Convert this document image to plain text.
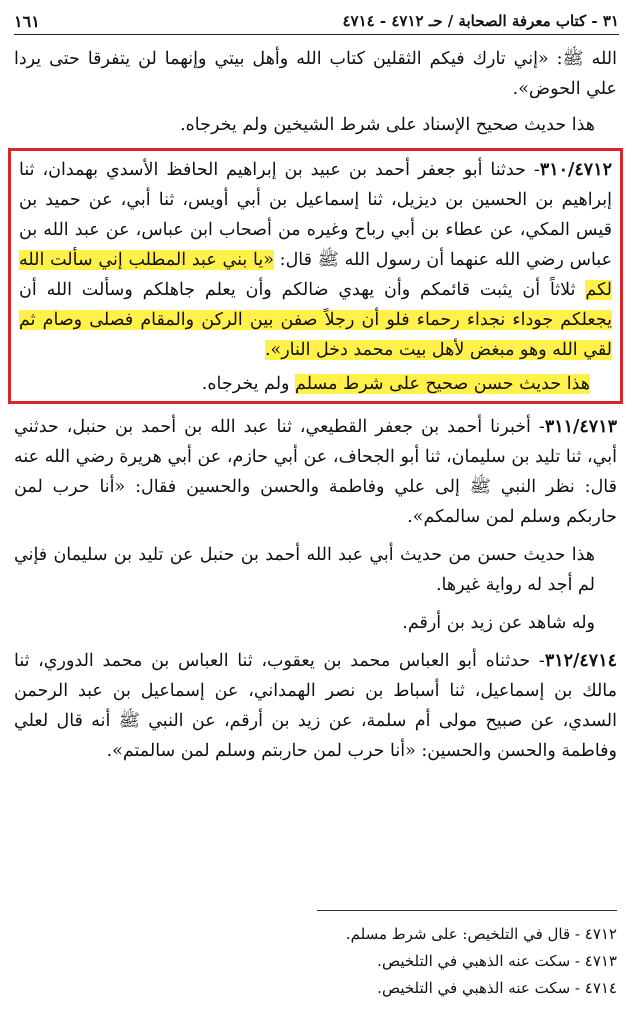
٣١ - كتاب معرفة الصحابة / حـ ٤٧١٢ - ٤٧١٤
١٦١

الله ﷺ: «إني تارك فيكم الثقلين كتاب الله وأهل بيتي وإنهما لن يتفرقا حتى يردا علي الحوض».

هذا حديث صحيح الإسناد على شرط الشيخين ولم يخرجاه.

٣١٠/٤٧١٢- حدثنا أبو جعفر أحمد بن عبيد بن إبراهيم الحافظ الأسدي بهمدان، ثنا إبراهيم بن الحسين بن ديزيل، ثنا إسماعيل بن أبي أويس، ثنا أبي، عن حميد بن قيس المكي، عن عطاء بن أبي رباح وغيره من أصحاب ابن عباس، عن عبد الله بن عباس رضي الله عنهما أن رسول الله ﷺ قال: «يا بني عبد المطلب إني سألت الله لكم ثلاثاً أن يثبت قائمكم وأن يهدي ضالكم وأن يعلم جاهلكم وسألت الله أن يجعلكم جوداء نجداء رحماء فلو أن رجلاً صفن بين الركن والمقام فصلى وصام ثم لقي الله وهو مبغض لأهل بيت محمد دخل النار».

هذا حديث حسن صحيح على شرط مسلم ولم يخرجاه.

٣١١/٤٧١٣- أخبرنا أحمد بن جعفر القطيعي، ثنا عبد الله بن أحمد بن حنبل، حدثني أبي، ثنا تليد بن سليمان، ثنا أبو الجحاف، عن أبي حازم، عن أبي هريرة رضي الله عنه قال: نظر النبي ﷺ إلى علي وفاطمة والحسن والحسين فقال: «أنا حرب لمن حاربكم وسلم لمن سالمكم».

هذا حديث حسن من حديث أبي عبد الله أحمد بن حنبل عن تليد بن سليمان فإني لم أجد له رواية غيرها.

وله شاهد عن زيد بن أرقم.

٣١٢/٤٧١٤- حدثناه أبو العباس محمد بن يعقوب، ثنا العباس بن محمد الدوري، ثنا مالك بن إسماعيل، ثنا أسباط بن نصر الهمداني، عن إسماعيل بن عبد الرحمن السدي، عن صبيح مولى أم سلمة، عن زيد بن أرقم، عن النبي ﷺ أنه قال لعلي وفاطمة والحسن والحسين: «أنا حرب لمن حاربتم وسلم لمن سالمتم».

٤٧١٢ - قال في التلخيص: على شرط مسلم.

٤٧١٣ - سكت عنه الذهبي في التلخيص.

٤٧١٤ - سكت عنه الذهبي في التلخيص.
